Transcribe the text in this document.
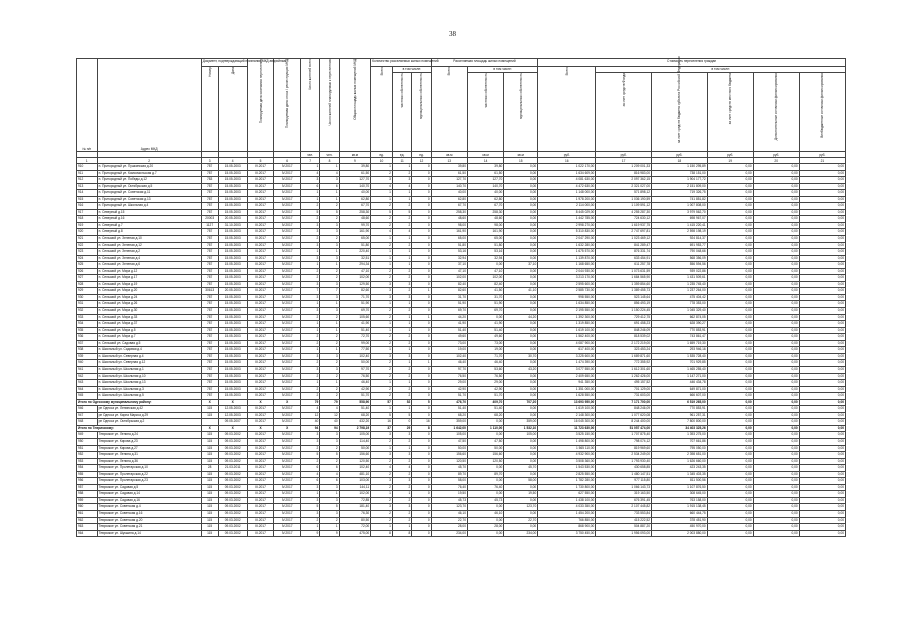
38
№ п/п	Адрес МКД	Документ, подтверждающий признание МКД аварийным		Планируемая дата окончания переселения	Планируемая дата сноса / реконструкции МКД	Число жителей всего	Число жителей планируемых к переселению	Общая площадь жилых помещений МКД	Количество расселяемых жилых помещений			Расселяемая площадь жилых помещений			Стоимость переселения граждан					
		Номер	Дата						Всего	в том числе:		Всего	в том числе:		Всего	в том числе:				
										частная собственность	муниципальная собственность		частная собственность	муниципальная собственность		за счет средств Фонда	за счет средств бюджета субъекта Российской Федерации	за счет средств местного бюджета	Дополнительные источники финансирования	Внебюджетные источники финансирования
						чел.	чел.	кв.м	ед.	ед.	ед.	кв.м	кв.м	кв.м	руб.	руб.	руб.	руб.	руб.	руб.
1	2	3	4	5	6	7	8	9	10	11	12	13	14	15	16	17	18	19	20	21
910	п. Пригородный ул. Пушкинская д.20	787	15.05.2003	IV.2017	IV.2017	1	1	39,80	1	1	0	39,80	39,80	0,00	1 022 170,00	1 209 001,33	1 150 295,89	0,00	0,00	0,00
911	п. Пригородный ул. Комсомольская д.7	787	15.05.2003	III.2017	IV.2017	4	4	61,50	2	2	0	61,50	61,50	0,00	1 634 609,00	816 983,00	738 151,00	0,00	0,00	0,00
912	п. Пригородный ул. Победы д.12	783	15.05.2003	III.2017	IV.2017	3	3	127,70	3	3	0	127,70	127,70	0,00	4 081 630,00	2 097 362,15	1 904 177,72	0,00	0,00	0,00
913	п. Пригородный ул. Октябрьская д.5	787	15.05.2003	III.2017	IV.2017	6	6	140,70	4	4	0	140,70	140,70	0,00	4 472 630,00	2 321 027,00	2 151 809,00	0,00	0,00	0,00
914	п. Пригородный ул. Советская д.11	787	15.05.2003	III.2017	IV.2017	1	1	40,00	1	1	0	40,00	40,00	0,00	1 148 000,00	571 898,12	719 326,75	0,00	0,00	0,00
915	п. Пригородный ул. Советская д.13	787	15.05.2003	III.2017	IV.2017	1	1	62,80	1	1	0	62,80	62,80	0,00	1 978 200,00	1 036 190,59	741 851,82	0,00	0,00	0,00
916	п. Пригородный ул. Школьная д.4	787	15.05.2003	III.2017	IV.2017	2	2	67,70	2	2	0	67,70	67,70	0,00	2 114 000,00	1 109 591,12	1 007 808,00	0,00	0,00	0,00
917	п. Северный д.15	787	15.05.2003	III.2017	IV.2017	5	5	258,30	5	5	0	258,30	258,30	0,00	8 445 029,00	4 255 287,30	3 979 562,70	0,00	0,00	0,00
918	п. Северный д.16	20003	20.05.2003	III.2017	IV.2017	2	2	48,60	2	2	0	48,60	48,60	0,00	1 442 785,00	724 630,12	698 967,07	0,00	0,00	0,00
919	п. Северный д.7	1127	31.10.2003	III.2017	IV.2017	3	3	99,70	2	2	0	98,00	98,00	0,00	2 998 270,00	1 619 937,75	1 415 220,41	0,00	0,00	0,00
920	п. Северный д.8	787	15.05.2003	III.2017	IV.2017	3	3	161,90	4	4	0	161,90	161,90	0,00	5 310 830,00	2 747 697,81	2 598 198,19	0,00	0,00	0,00
921	п. Сельский ул. Зеленая д.10	787	15.05.2003	III.2017	IV.2017	2	2	65,00	1	1	0	65,00	65,00	0,00	2 047 290,00	1 023 469,12	924 814,37	0,00	0,00	0,00
922	п. Сельский ул. Зеленая д.12	787	15.05.2003	III.2017	IV.2017	3	3	51,80	2	2	0	51,80	51,80	0,00	1 632 280,00	841 289,47	691 953,77	0,00	0,00	0,00
923	п. Сельский ул. Зеленая д.2	787	15.05.2003	III.2017	IV.2017	1	1	220,40	1	1	0	53,16	53,16	0,00	1 675 570,00	876 331,74	790 048,66	0,00	0,00	0,00
924	п. Сельский ул. Зеленая д.4	787	15.05.2003	III.2017	IV.2017	3	3	32,51	1	1	0	32,94	32,94	0,00	1 139 870,00	633 454,91	568 356,09	0,00	0,00	0,00
925	п. Сельский ул. Зеленая д.6	787	15.05.2003	III.2017	IV.2017	1	1	294,34	1	1	0	37,10	0,00	37,10	1 168 650,00	611 257,78	556 594,56	0,00	0,00	0,00
926	п. Сельский ул. Мира д.12	787	15.05.2003	III.2017	IV.2017	2	2	47,10	2	2	0	47,10	47,10	0,00	2 044 930,00	1 073 631,59	939 022,86	0,00	0,00	0,00
927	п. Сельский ул. Мира д.17	787	15.05.2003	III.2017	IV.2017	2	2	102,00	2	2	0	102,00	102,00	0,00	3 213 170,00	1 684 565,90	1 431 509,61	0,00	0,00	0,00
928	п. Сельский ул. Мира д.19	787	15.05.2003	III.2017	IV.2017	3	3	129,50	3	3	0	82,40	82,40	0,00	2 595 600,00	1 359 854,60	1 235 745,40	0,00	0,00	0,00
929	п. Сельский ул. Мира д.20	30613	20.05.2003	III.2017	IV.2017	7	7	82,60	3	2	1	82,60	41,50	41,10	2 585 730,00	1 389 455,73	1 237 264,00	0,00	0,00	0,00
930	п. Сельский ул. Мира д.24	787	15.05.2003	III.2017	IV.2017	3	3	71,70	3	3	0	31,70	31,70	0,00	998 550,00	523 145,64	475 404,42	0,00	0,00	0,00
931	п. Сельский ул. Мира д.26	787	15.05.2003	III.2017	IV.2017	1	1	51,90	1	1	0	51,90	51,90	0,00	1 634 850,00	856 493,19	778 353,00	0,00	0,00	0,00
932	п. Сельский ул. Мира д.30	787	15.05.2003	III.2017	IV.2017	3	3	69,70	2	2	0	69,70	69,70	0,00	2 195 550,00	1 150 224,45	1 045 329,40	0,00	0,00	0,00
933	п. Сельский ул. Мира д.33	787	15.05.2003	III.2017	IV.2017	2	2	105,60	2	1	1	44,20	0,00	44,20	1 392 300,00	729 412,75	662 874,05	0,00	0,00	0,00
934	п. Сельский ул. Мира д.37	787	15.05.2003	III.2017	IV.2017	1	1	41,90	1	1	0	41,90	41,90	0,00	1 319 850,00	691 458,23	628 390,27	0,00	0,00	0,00
935	п. Сельский ул. Мира д.5	787	15.05.2003	III.2017	IV.2017	1	1	51,40	1	1	0	51,40	51,40	0,00	1 619 100,00	848 246,09	770 853,91	0,00	0,00	0,00
936	п. Сельский ул. Мира д.7	787	15.05.2003	III.2017	IV.2017	2	2	72,70	2	2	0	49,60	49,60	0,00	1 562 400,00	818 539,02	743 861,47	0,00	0,00	0,00
937	п. Сельский ул. Садовая д.5	787	15.05.2003	III.2017	IV.2017	2	2	99,00	2	2	0	73,00	73,00	0,00	4 087 900,00	2 172 219,00	1 659 719,30	0,00	0,00	0,00
938	п. Школьный ул. Садовая д.4	787	15.05.2003	III.2017	IV.2017	1	1	77,50	1	1	0	19,00	19,00	0,00	617 400,00	323 453,24	293 946,16	0,00	0,00	0,00
939	п. Школьный ул. Северная д.4	787	15.05.2003	III.2017	IV.2017	3	3	102,40	3	3	0	102,40	71,70	30,70	3 225 600,00	1 689 871,60	1 535 728,40	0,00	0,00	0,00
940	п. Школьный ул. Северная д.12	787	15.05.2003	III.2017	IV.2017	2	2	50,00	2	1	1	46,40	46,40	0,00	1 474 390,00	772 355,92	701 929,85	0,00	0,00	0,00
941	п. Школьный ул. Школьная д.1	787	15.05.2003	III.2017	IV.2017	3	3	97,70	2	2	0	97,70	53,60	43,20	3 077 550,00	1 612 301,60	1 465 255,40	0,00	0,00	0,00
942	п. Школьный ул. Школьная д.10	787	15.05.2003	III.2017	IV.2017	2	2	76,50	2	2	0	76,50	76,50	0,00	2 409 650,00	1 262 426,00	1 147 271,00	0,00	0,00	0,00
943	п. Школьный ул. Школьная д.13	787	15.05.2003	III.2017	IV.2017	1	1	46,40	1	1	0	29,00	29,00	0,00	941 350,00	495 157,52	446 434,78	0,00	0,00	0,00
944	п. Школьный ул. Школьная д.3	787	15.05.2003	III.2017	IV.2017	2	2	42,90	2	2	0	42,90	42,90	0,00	1 351 000,00	701 129,00	649 871,00	0,00	0,00	0,00
945	п. Школьный ул. Школьная д.5	787	15.05.2003	III.2017	IV.2017	2	2	51,70	2	2	0	51,70	51,70	0,00	1 628 550,00	731 603,00	666 607,00	0,00	0,00	0,00
Итого по Одесскому муниципальному району:		X	X	X	X	79	79	558,90	57	52	5	476,70	409,70	707,20	13 693 950,00	7 171 700,00	6 519 265,00	0,00	0,00	0,00
946	рп Одесса ул. Ленинская д.42	115	12.05.2003	III.2017	IV.2017	4	4	51,40	1	1	0	51,40	51,40	0,00	1 619 100,00	848 246,09	770 853,91	0,00	0,00	0,00
947	рп Одесса ул. Карла Маркса д.29	115	12.05.2003	III.2017	IV.2017	12	12	68,20	5	5	0	68,20	68,20	0,00	2 148 300,00	1 077 620,08	961 257,31	0,00	0,00	0,00
948	рп Одесса ул. Октябрьская д.2		09.05.2007	III.2017	IV.2017	40	40	432,20	16	0	16	359,00	0,00	359,00	16 045 300,00	8 244 400,00	7 800 800,00	0,00	0,00	0,00
Итого по Тевризскому:		X	X	X	X	94	94	2 798,19	37	29	8	1 642,00	1 110,00	1 532,10	11 723 630,00	51 057 474,00	34 403 325,26	0,00	0,00	0,00
949	Тевризкое ул. Ленина д.24	115	09.03.2002	III.2017	IV.2017	3	3	105,00	3	3	0	105,00	0,00	105,00	3 525 150,00	1 707 875,40	1 393 275,00	0,00	0,00	0,00
950	Тевризкое ул. Кирова д.23	115	09.03.2002	III.2017	IV.2017	3	3	114,40	2	2	0	47,50	47,50	0,00	1 498 800,00	798 074,12	707 661,86	0,00	0,00	0,00
951	Тевризкое ул. Кирова д.27	115	09.03.2002	III.2017	IV.2017	2	2	50,00	1	1	0	50,00	50,00	0,00	1 565 110,00	819 969,60	795 050,00	0,00	0,00	0,00
952	Тевризкое ул. Ленина д.31	115	09.03.2002	III.2017	IV.2017	5	5	156,60	3	3	0	156,60	156,60	0,00	4 932 900,00	2 534 249,00	2 398 651,00	0,00	0,00	0,00
953	Тевризкое ул. Ленина д.36	115	09.03.2002	III.2017	IV.2017	2	2	120,50	2	2	0	120,50	120,50	0,00	3 508 360,00	1 793 930,40	1 626 660,00	0,00	0,00	0,00
954	Тевризкое ул. Пролетарская д.10	28	21.03.2011	III.2017	IV.2017	6	6	102,40	4	4	0	45,70	0,00	45,70	1 543 530,00	430 658,85	423 243,35	0,00	0,00	0,00
955	Тевризкое ул. Пролетарская д.22	115	09.03.2002	III.2017	IV.2017	4	4	481,10	2	2	0	89,70	89,70	0,00	2 825 550,00	1 480 147,51	1 345 403,35	0,00	0,00	0,00
956	Тевризкое ул. Пролетарская д.23	115	09.03.2002	III.2017	IV.2017	6	6	103,00	3	3	0	58,00	0,00	58,00	1 782 280,00	977 115,80	811 500,56	0,00	0,00	0,00
957	Тевризкое ул. Садовая д.5	115	09.03.2002	III.2017	IV.2017	3	3	144,11	2	2	0	76,40	76,40	0,00	1 730 800,00	1 066 143,73	1 107 876,50	0,00	0,00	0,00
958	Тевризкое ул. Садовая д.14	115	09.03.2002	III.2017	IV.2017	1	1	102,00	1	1	0	19,50	0,00	19,50	627 550,00	319 163,50	308 645,00	0,00	0,00	0,00
959	Тевризкое ул. Садовая д.16	115	09.03.2002	III.2017	IV.2017	3	3	72,85	2	2	0	45,73	45,73	0,00	1 438 100,00	676 391,45	763 158,00	0,00	0,00	0,00
960	Тевризкое ул. Советская д.4	115	09.03.2002	III.2017	IV.2017	5	5	181,40	3	3	0	123,70	0,00	123,70	4 033 350,00	2 107 445,82	1 915 138,45	0,00	0,00	0,00
961	Тевризкое ул. Советская д.16	115	09.03.2002	III.2017	IV.2017	3	3	76,30	2	2	0	46,10	46,10	0,00	1 454 200,00	733 553,84	660 444,75	0,00	0,00	0,00
962	Тевризкое ул. Советская д.20	115	09.03.2002	III.2017	IV.2017	2	2	80,50	2	2	0	22,70	0,00	22,70	766 850,00	415 222,52	378 451,90	0,00	0,00	0,00
963	Тевризкое ул. Советская д.21	115	09.03.2002	III.2017	IV.2017	1	1	72,00	1	1	0	28,00	28,00	0,00	868 900,00	504 887,20	450 970,00	0,00	0,00	0,00
964	Тевризкое ул. Шукшина д.14	115	09.03.2002	III.2017	IV.2017	9	9	475,00	8	8	0	234,00	0,00	234,00	3 750 450,00	1 956 093,00	2 003 880,00	0,00	0,00	0,00
